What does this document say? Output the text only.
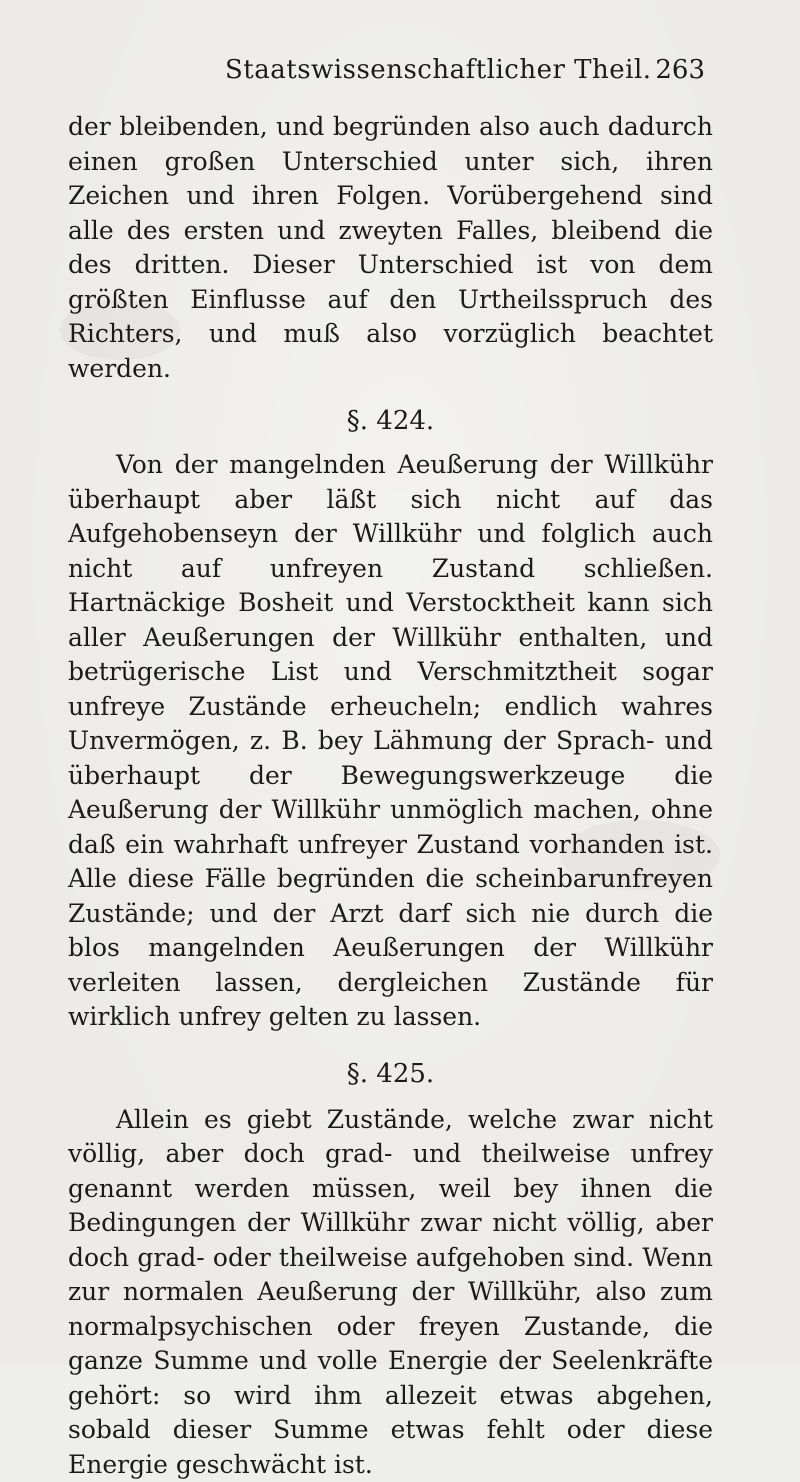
Staatswissenschaftlicher Theil. 263

der bleibenden, und begründen also auch dadurch einen großen Unterschied unter sich, ihren Zeichen und ihren Folgen. Vorübergehend sind alle des ersten und zweyten Falles, bleibend die des dritten. Dieser Unterschied ist von dem größten Einflusse auf den Urtheilsspruch des Richters, und muß also vorzüglich beachtet werden.

§. 424.

Von der mangelnden Aeußerung der Willkühr überhaupt aber läßt sich nicht auf das Aufgehobenseyn der Willkühr und folglich auch nicht auf unfreyen Zustand schließen. Hartnäckige Bosheit und Verstocktheit kann sich aller Aeußerungen der Willkühr enthalten, und betrügerische List und Verschmitztheit sogar unfreye Zustände erheucheln; endlich wahres Unvermögen, z. B. bey Lähmung der Sprach- und überhaupt der Bewegungswerkzeuge die Aeußerung der Willkühr unmöglich machen, ohne daß ein wahrhaft unfreyer Zustand vorhanden ist. Alle diese Fälle begründen die scheinbarunfreyen Zustände; und der Arzt darf sich nie durch die blos mangelnden Aeußerungen der Willkühr verleiten lassen, dergleichen Zustände für wirklich unfrey gelten zu lassen.

§. 425.

Allein es giebt Zustände, welche zwar nicht völlig, aber doch grad- und theilweise unfrey genannt werden müssen, weil bey ihnen die Bedingungen der Willkühr zwar nicht völlig, aber doch grad- oder theilweise aufgehoben sind. Wenn zur normalen Aeußerung der Willkühr, also zum normalpsychischen oder freyen Zustande, die ganze Summe und volle Energie der Seelenkräfte gehört: so wird ihm allezeit etwas abgehen, sobald dieser Summe etwas fehlt oder diese Energie geschwächt ist.
